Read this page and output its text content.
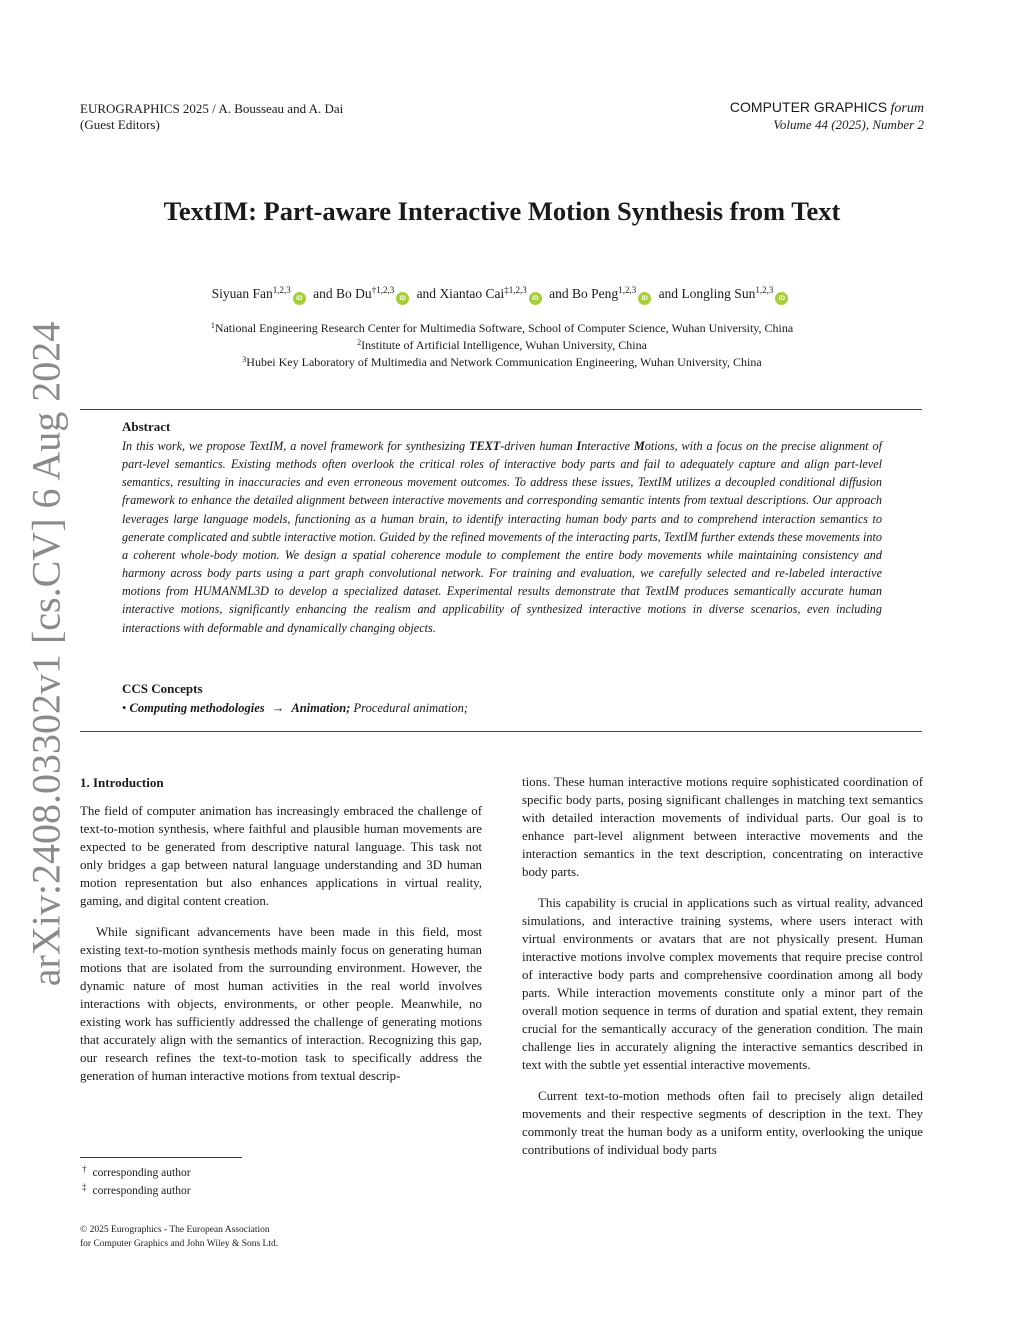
arXiv:2408.03302v1 [cs.CV] 6 Aug 2024
EUROGRAPHICS 2025 / A. Bousseau and A. Dai
(Guest Editors)
COMPUTER GRAPHICS forum
Volume 44 (2025), Number 2
TextIM: Part-aware Interactive Motion Synthesis from Text
Siyuan Fan$^{1,2,3}$iD and Bo Du$^{\dagger 1,2,3}$iD and Xiantao Cai$^{\ddagger 1,2,3}$iD and Bo Peng$^{1,2,3}$iD and Longling Sun$^{1,2,3}$iD
$^1$National Engineering Research Center for Multimedia Software, School of Computer Science, Wuhan University, China
$^2$Institute of Artificial Intelligence, Wuhan University, China
$^3$Hubei Key Laboratory of Multimedia and Network Communication Engineering, Wuhan University, China
Abstract
In this work, we propose TextIM, a novel framework for synthesizing TEXT-driven human Interactive Motions, with a focus on the precise alignment of part-level semantics. Existing methods often overlook the critical roles of interactive body parts and fail to adequately capture and align part-level semantics, resulting in inaccuracies and even erroneous movement outcomes. To address these issues, TextIM utilizes a decoupled conditional diffusion framework to enhance the detailed alignment between interactive movements and corresponding semantic intents from textual descriptions. Our approach leverages large language models, functioning as a human brain, to identify interacting human body parts and to comprehend interaction semantics to generate complicated and subtle interactive motion. Guided by the refined movements of the interacting parts, TextIM further extends these movements into a coherent whole-body motion. We design a spatial coherence module to complement the entire body movements while maintaining consistency and harmony across body parts using a part graph convolutional network. For training and evaluation, we carefully selected and re-labeled interactive motions from HUMANML3D to develop a specialized dataset. Experimental results demonstrate that TextIM produces semantically accurate human interactive motions, significantly enhancing the realism and applicability of synthesized interactive motions in diverse scenarios, even including interactions with deformable and dynamically changing objects.
CCS Concepts
• Computing methodologies → Animation; Procedural animation;
1. Introduction

The field of computer animation has increasingly embraced the challenge of text-to-motion synthesis, where faithful and plausible human movements are expected to be generated from descriptive natural language. This task not only bridges a gap between natural language understanding and 3D human motion representation but also enhances applications in virtual reality, gaming, and digital content creation.

While significant advancements have been made in this field, most existing text-to-motion synthesis methods mainly focus on generating human motions that are isolated from the surrounding environment. However, the dynamic nature of most human activities in the real world involves interactions with objects, environments, or other people. Meanwhile, no existing work has sufficiently addressed the challenge of generating motions that accurately align with the semantics of interaction. Recognizing this gap, our research refines the text-to-motion task to specifically address the generation of human interactive motions from textual descrip-

tions. These human interactive motions require sophisticated coordination of specific body parts, posing significant challenges in matching text semantics with detailed interaction movements of individual parts. Our goal is to enhance part-level alignment between interactive movements and the interaction semantics in the text description, concentrating on interactive body parts.

This capability is crucial in applications such as virtual reality, advanced simulations, and interactive training systems, where users interact with virtual environments or avatars that are not physically present. Human interactive motions involve complex movements that require precise control of interactive body parts and comprehensive coordination among all body parts. While interaction movements constitute only a minor part of the overall motion sequence in terms of duration and spatial extent, they remain crucial for the semantically accuracy of the generation condition. The main challenge lies in accurately aligning the interactive semantics described in text with the subtle yet essential interactive movements.

Current text-to-motion methods often fail to precisely align detailed movements and their respective segments of description in the text. They commonly treat the human body as a uniform entity, overlooking the unique contributions of individual body parts

† corresponding author
‡ corresponding author
© 2025 Eurographics - The European Association
for Computer Graphics and John Wiley & Sons Ltd.
